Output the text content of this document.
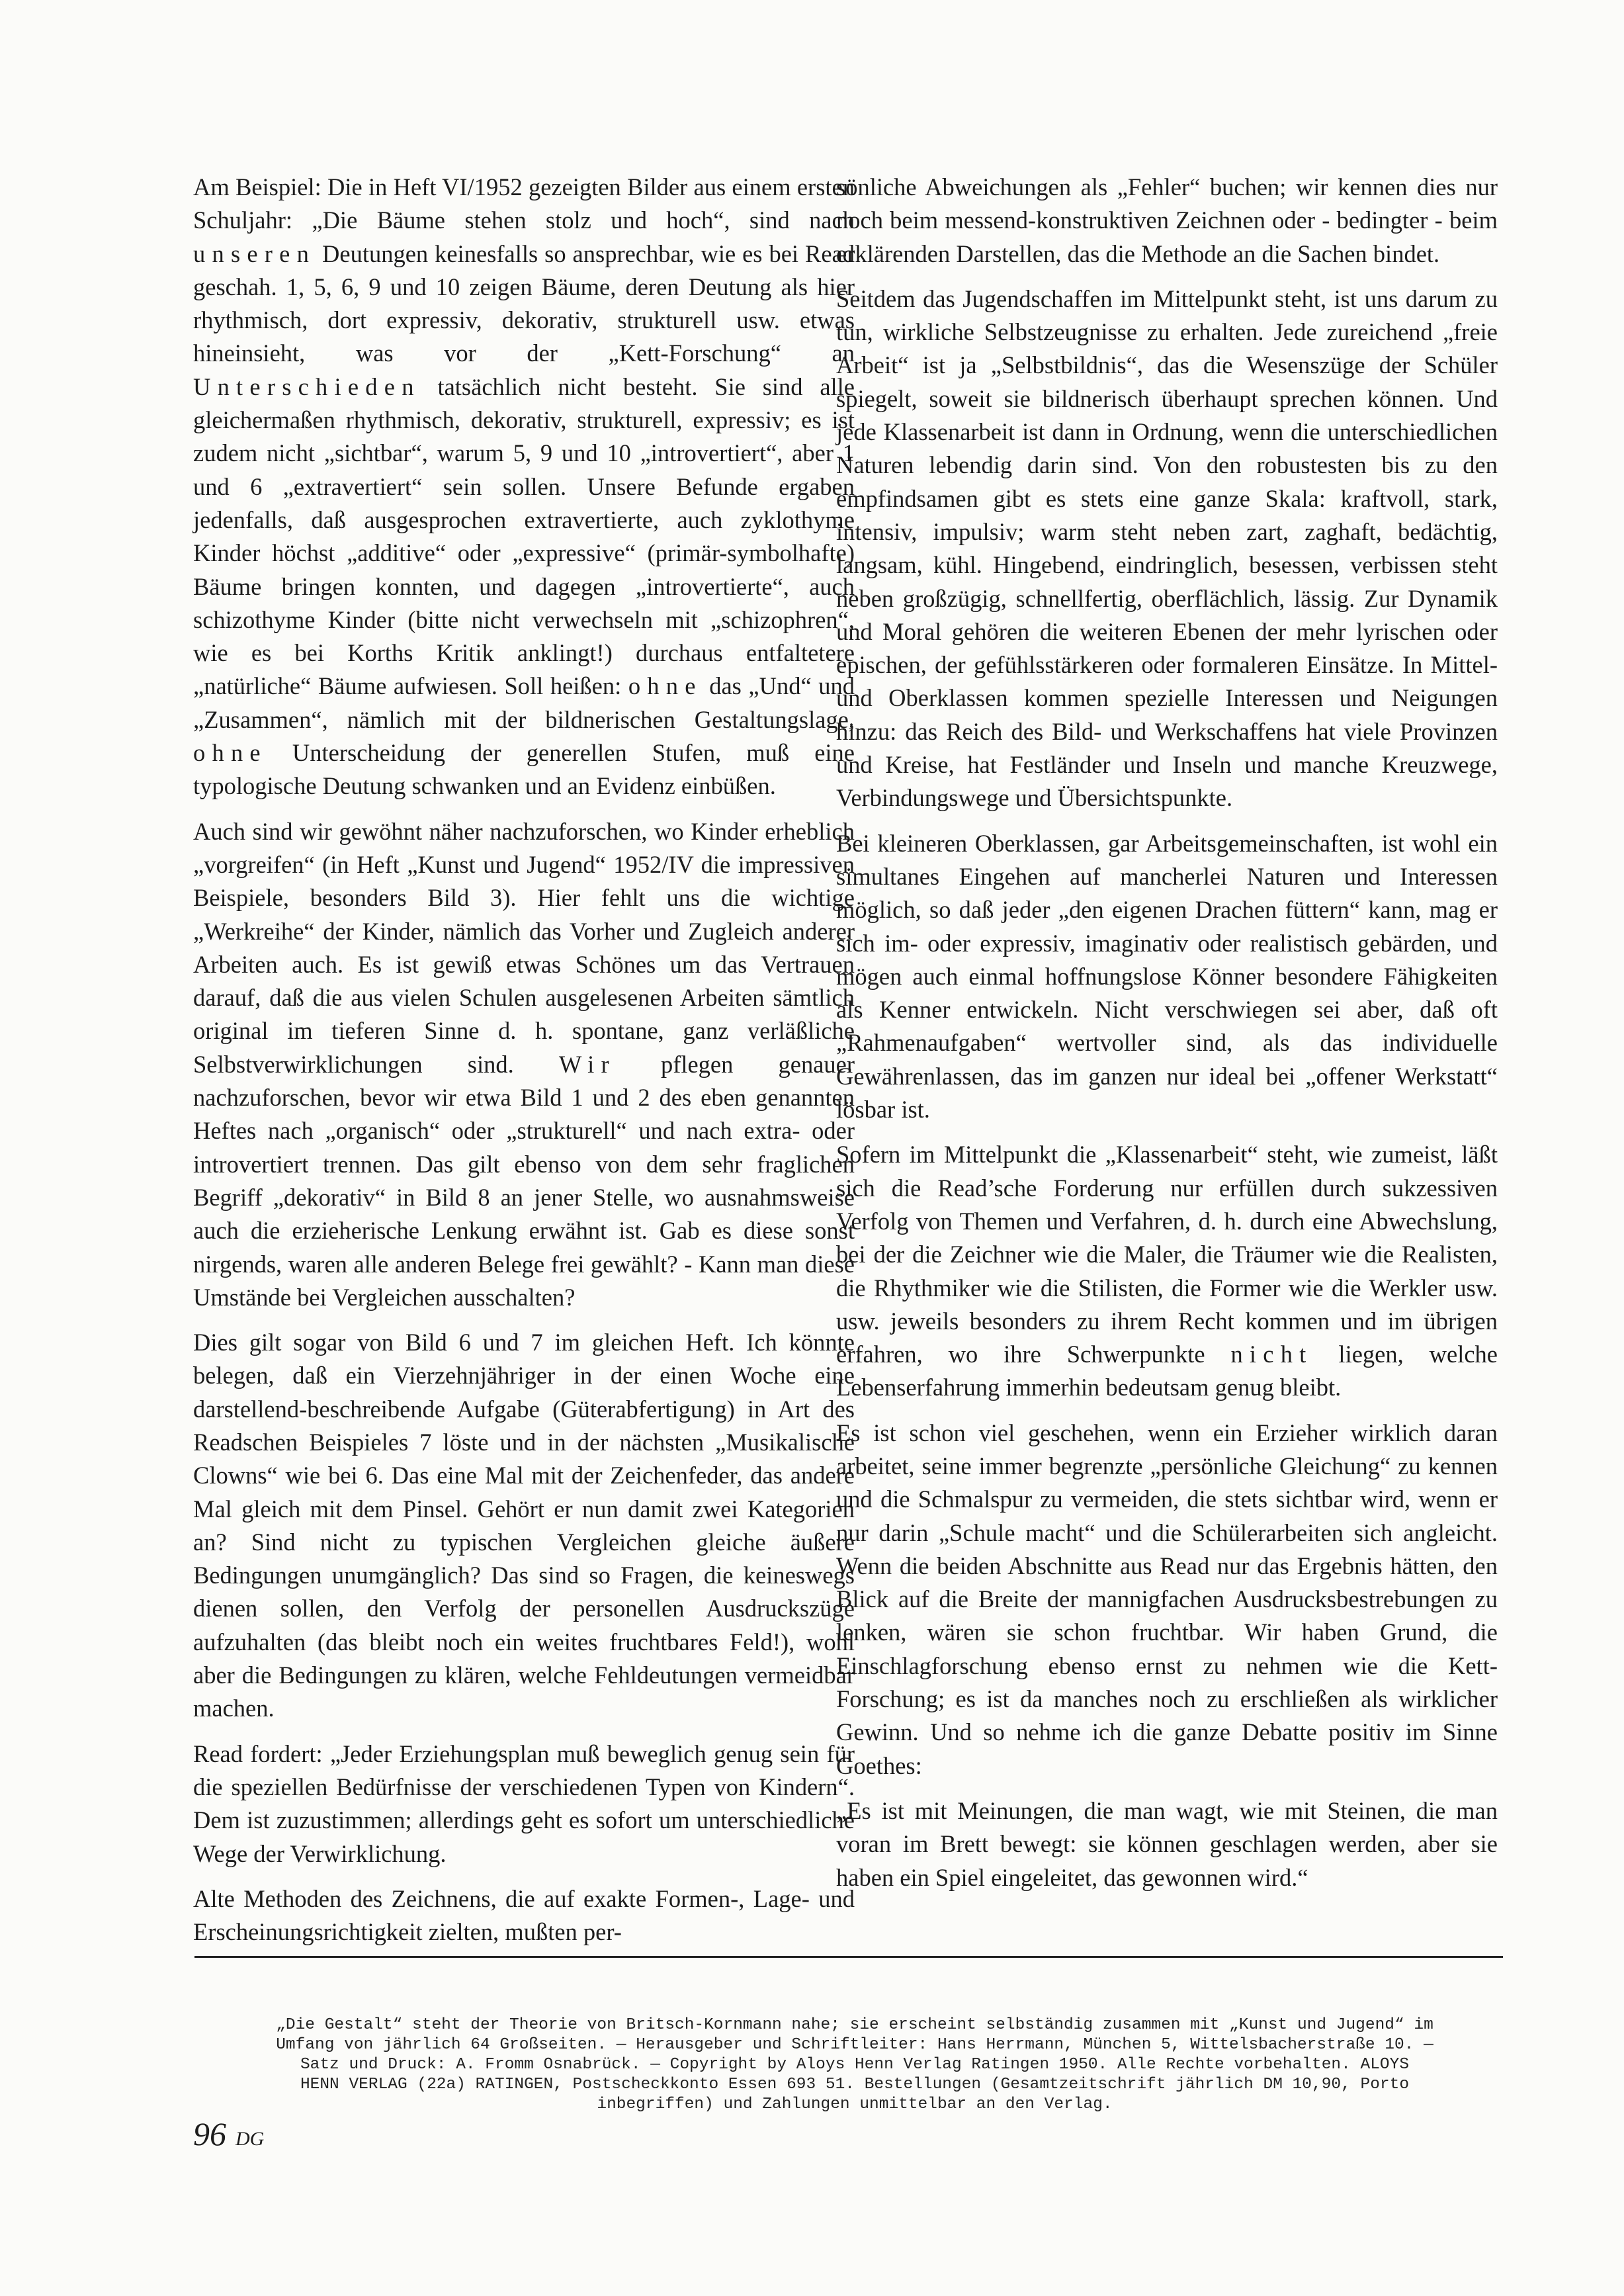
Am Beispiel: Die in Heft VI/1952 gezeigten Bilder aus einem ersten Schuljahr: „Die Bäume stehen stolz und hoch“, sind nach unseren Deutungen keinesfalls so ansprechbar, wie es bei Read geschah. 1, 5, 6, 9 und 10 zeigen Bäume, deren Deutung als hier rhythmisch, dort expressiv, dekorativ, strukturell usw. etwas hineinsieht, was vor der „Kett-Forschung“ an Unterschieden tatsächlich nicht besteht. Sie sind alle gleichermaßen rhythmisch, dekorativ, strukturell, expressiv; es ist zudem nicht „sichtbar“, warum 5, 9 und 10 „introvertiert“, aber 1 und 6 „extravertiert“ sein sollen. Unsere Befunde ergaben jedenfalls, daß ausgesprochen extravertierte, auch zyklothyme Kinder höchst „additive“ oder „expressive“ (primär-symbolhafte) Bäume bringen konnten, und dagegen „introvertierte“, auch schizothyme Kinder (bitte nicht verwechseln mit „schizophren“, wie es bei Korths Kritik anklingt!) durchaus entfaltetere „natürliche“ Bäume aufwiesen. Soll heißen: ohne das „Und“ und „Zusammen“, nämlich mit der bildnerischen Gestaltungslage, ohne Unterscheidung der generellen Stufen, muß eine typologische Deutung schwanken und an Evidenz einbüßen.

Auch sind wir gewöhnt näher nachzuforschen, wo Kinder erheblich „vorgreifen“ (in Heft „Kunst und Jugend“ 1952/IV die impressiven Beispiele, besonders Bild 3). Hier fehlt uns die wichtige „Werkreihe“ der Kinder, nämlich das Vorher und Zugleich anderer Arbeiten auch. Es ist gewiß etwas Schönes um das Vertrauen darauf, daß die aus vielen Schulen ausgelesenen Arbeiten sämtlich original im tieferen Sinne d. h. spontane, ganz verläßliche Selbstverwirklichungen sind. Wir pflegen genauer nachzuforschen, bevor wir etwa Bild 1 und 2 des eben genannten Heftes nach „organisch“ oder „strukturell“ und nach extra- oder introvertiert trennen. Das gilt ebenso von dem sehr fraglichen Begriff „dekorativ“ in Bild 8 an jener Stelle, wo ausnahmsweise auch die erzieherische Lenkung erwähnt ist. Gab es diese sonst nirgends, waren alle anderen Belege frei gewählt? - Kann man diese Umstände bei Vergleichen ausschalten?

Dies gilt sogar von Bild 6 und 7 im gleichen Heft. Ich könnte belegen, daß ein Vierzehnjähriger in der einen Woche eine darstellend-beschreibende Aufgabe (Güterabfertigung) in Art des Readschen Beispieles 7 löste und in der nächsten „Musikalische Clowns“ wie bei 6. Das eine Mal mit der Zeichenfeder, das andere Mal gleich mit dem Pinsel. Gehört er nun damit zwei Kategorien an? Sind nicht zu typischen Vergleichen gleiche äußere Bedingungen unumgänglich? Das sind so Fragen, die keineswegs dienen sollen, den Verfolg der personellen Ausdruckszüge aufzuhalten (das bleibt noch ein weites fruchtbares Feld!), wohl aber die Bedingungen zu klären, welche Fehldeutungen vermeidbar machen.

Read fordert: „Jeder Erziehungsplan muß beweglich genug sein für die speziellen Bedürfnisse der verschiedenen Typen von Kindern“. Dem ist zuzustimmen; allerdings geht es sofort um unterschiedliche Wege der Verwirklichung.

Alte Methoden des Zeichnens, die auf exakte Formen-, Lage- und Erscheinungsrichtigkeit zielten, mußten per-

sönliche Abweichungen als „Fehler“ buchen; wir kennen dies nur noch beim messend-konstruktiven Zeichnen oder - bedingter - beim erklärenden Darstellen, das die Methode an die Sachen bindet.

Seitdem das Jugendschaffen im Mittelpunkt steht, ist uns darum zu tun, wirkliche Selbstzeugnisse zu erhalten. Jede zureichend „freie Arbeit“ ist ja „Selbstbildnis“, das die Wesenszüge der Schüler spiegelt, soweit sie bildnerisch überhaupt sprechen können. Und jede Klassenarbeit ist dann in Ordnung, wenn die unterschiedlichen Naturen lebendig darin sind. Von den robustesten bis zu den empfindsamen gibt es stets eine ganze Skala: kraftvoll, stark, intensiv, impulsiv; warm steht neben zart, zaghaft, bedächtig, langsam, kühl. Hingebend, eindringlich, besessen, verbissen steht neben großzügig, schnellfertig, oberflächlich, lässig. Zur Dynamik und Moral gehören die weiteren Ebenen der mehr lyrischen oder epischen, der gefühlsstärkeren oder formaleren Einsätze. In Mittel- und Oberklassen kommen spezielle Interessen und Neigungen hinzu: das Reich des Bild- und Werkschaffens hat viele Provinzen und Kreise, hat Festländer und Inseln und manche Kreuzwege, Verbindungswege und Übersichtspunkte.

Bei kleineren Oberklassen, gar Arbeitsgemeinschaften, ist wohl ein simultanes Eingehen auf mancherlei Naturen und Interessen möglich, so daß jeder „den eigenen Drachen füttern“ kann, mag er sich im- oder expressiv, imaginativ oder realistisch gebärden, und mögen auch einmal hoffnungslose Könner besondere Fähigkeiten als Kenner entwickeln. Nicht verschwiegen sei aber, daß oft „Rahmenaufgaben“ wertvoller sind, als das individuelle Gewährenlassen, das im ganzen nur ideal bei „offener Werkstatt“ lösbar ist.

Sofern im Mittelpunkt die „Klassenarbeit“ steht, wie zumeist, läßt sich die Read’sche Forderung nur erfüllen durch sukzessiven Verfolg von Themen und Verfahren, d. h. durch eine Abwechslung, bei der die Zeichner wie die Maler, die Träumer wie die Realisten, die Rhythmiker wie die Stilisten, die Former wie die Werkler usw. usw. jeweils besonders zu ihrem Recht kommen und im übrigen erfahren, wo ihre Schwerpunkte nicht liegen, welche Lebenserfahrung immerhin bedeutsam genug bleibt.

Es ist schon viel geschehen, wenn ein Erzieher wirklich daran arbeitet, seine immer begrenzte „persönliche Gleichung“ zu kennen und die Schmalspur zu vermeiden, die stets sichtbar wird, wenn er nur darin „Schule macht“ und die Schülerarbeiten sich angleicht. Wenn die beiden Abschnitte aus Read nur das Ergebnis hätten, den Blick auf die Breite der mannigfachen Ausdrucksbestrebungen zu lenken, wären sie schon fruchtbar. Wir haben Grund, die Einschlagforschung ebenso ernst zu nehmen wie die Kett-Forschung; es ist da manches noch zu erschließen als wirklicher Gewinn. Und so nehme ich die ganze Debatte positiv im Sinne Goethes:

„Es ist mit Meinungen, die man wagt, wie mit Steinen, die man voran im Brett bewegt: sie können geschlagen werden, aber sie haben ein Spiel eingeleitet, das gewonnen wird.“

„Die Gestalt“ steht der Theorie von Britsch-Kornmann nahe; sie erscheint selbständig zusammen mit „Kunst und Jugend“ im
Umfang von jährlich 64 Großseiten. — Herausgeber und Schriftleiter: Hans Herrmann, München 5, Wittelsbacherstraße 10. —
Satz und Druck: A. Fromm Osnabrück. — Copyright by Aloys Henn Verlag Ratingen 1950. Alle Rechte vorbehalten. ALOYS
HENN VERLAG (22a) RATINGEN, Postscheckkonto Essen 693 51. Bestellungen (Gesamtzeitschrift jährlich DM 10,90, Porto
inbegriffen) und Zahlungen unmittelbar an den Verlag.
96 DG
